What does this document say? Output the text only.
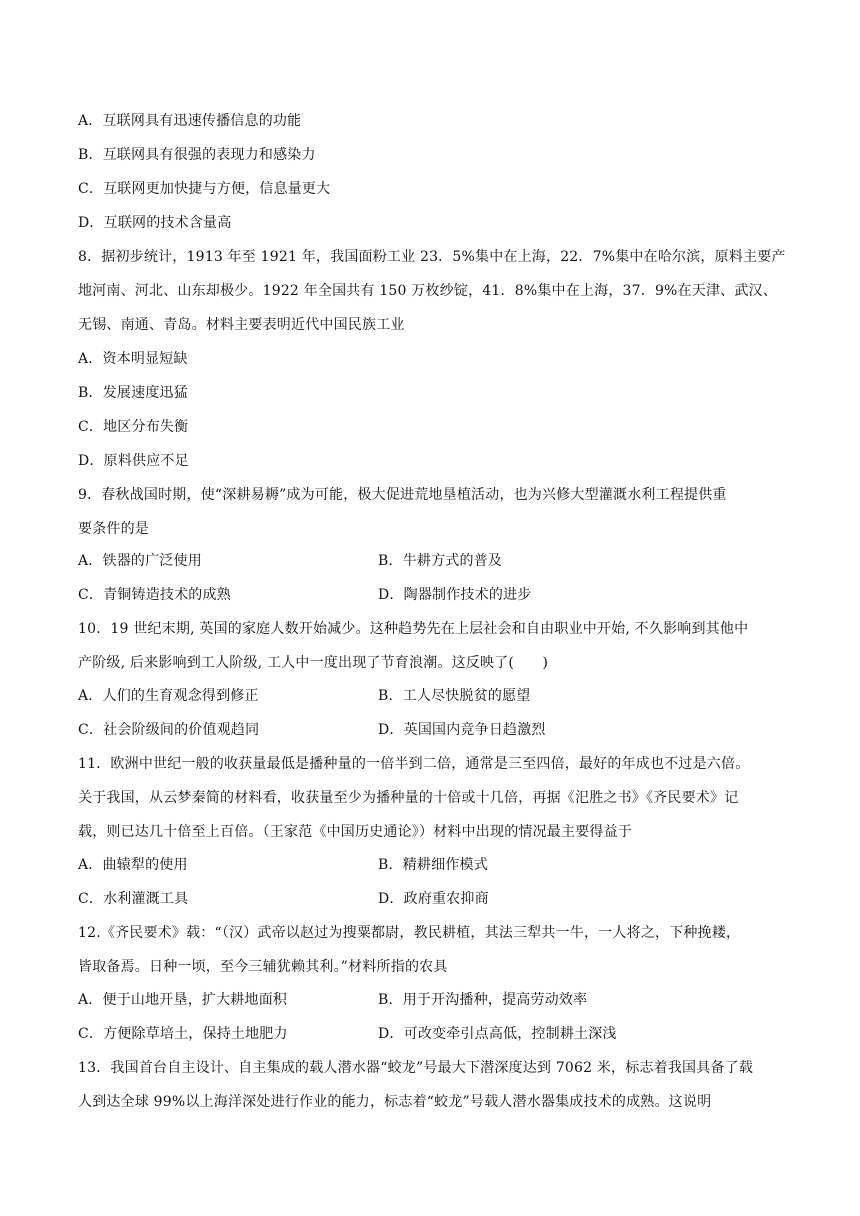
A．互联网具有迅速传播信息的功能
B．互联网具有很强的表现力和感染力
C．互联网更加快捷与方便，信息量更大
D．互联网的技术含量高
8．据初步统计，1913 年至 1921 年，我国面粉工业 23．5%集中在上海，22．7%集中在哈尔滨，原料主要产
地河南、河北、山东却极少。1922 年全国共有 150 万枚纱锭，41．8%集中在上海，37．9%在天津、武汉、
无锡、南通、青岛。材料主要表明近代中国民族工业
A．资本明显短缺
B．发展速度迅猛
C．地区分布失衡
D．原料供应不足
9．春秋战国时期，使“深耕易耨”成为可能，极大促进荒地垦植活动，也为兴修大型灌溉水利工程提供重
要条件的是
A．铁器的广泛使用	B．牛耕方式的普及
C．青铜铸造技术的成熟	D．陶器制作技术的进步
10．19 世纪末期, 英国的家庭人数开始减少。这种趋势先在上层社会和自由职业中开始, 不久影响到其他中
产阶级, 后来影响到工人阶级, 工人中一度出现了节育浪潮。这反映了(　　)
A．人们的生育观念得到修正	B．工人尽快脱贫的愿望
C．社会阶级间的价值观趋同	D．英国国内竞争日趋激烈
11．欧洲中世纪一般的收获量最低是播种量的一倍半到二倍，通常是三至四倍，最好的年成也不过是六倍。
关于我国，从云梦秦简的材料看，收获量至少为播种量的十倍或十几倍，再据《汜胜之书》《齐民要术》记
载，则已达几十倍至上百倍。（王家范《中国历史通论》）材料中出现的情况最主要得益于
A．曲辕犁的使用	B．精耕细作模式
C．水利灌溉工具	D．政府重农抑商
12.《齐民要术》载：“（汉）武帝以赵过为搜粟都尉，教民耕植，其法三犁共一牛，一人将之，下种挽耧，
皆取备焉。日种一顷，至今三辅犹赖其利。”材料所指的农具
A．便于山地开垦，扩大耕地面积	B．用于开沟播种，提高劳动效率
C．方便除草培土，保持土地肥力	D．可改变牵引点高低，控制耕土深浅
13．我国首台自主设计、自主集成的载人潜水器“蛟龙”号最大下潜深度达到 7062 米，标志着我国具备了载
人到达全球 99%以上海洋深处进行作业的能力，标志着“蛟龙”号载人潜水器集成技术的成熟。这说明
